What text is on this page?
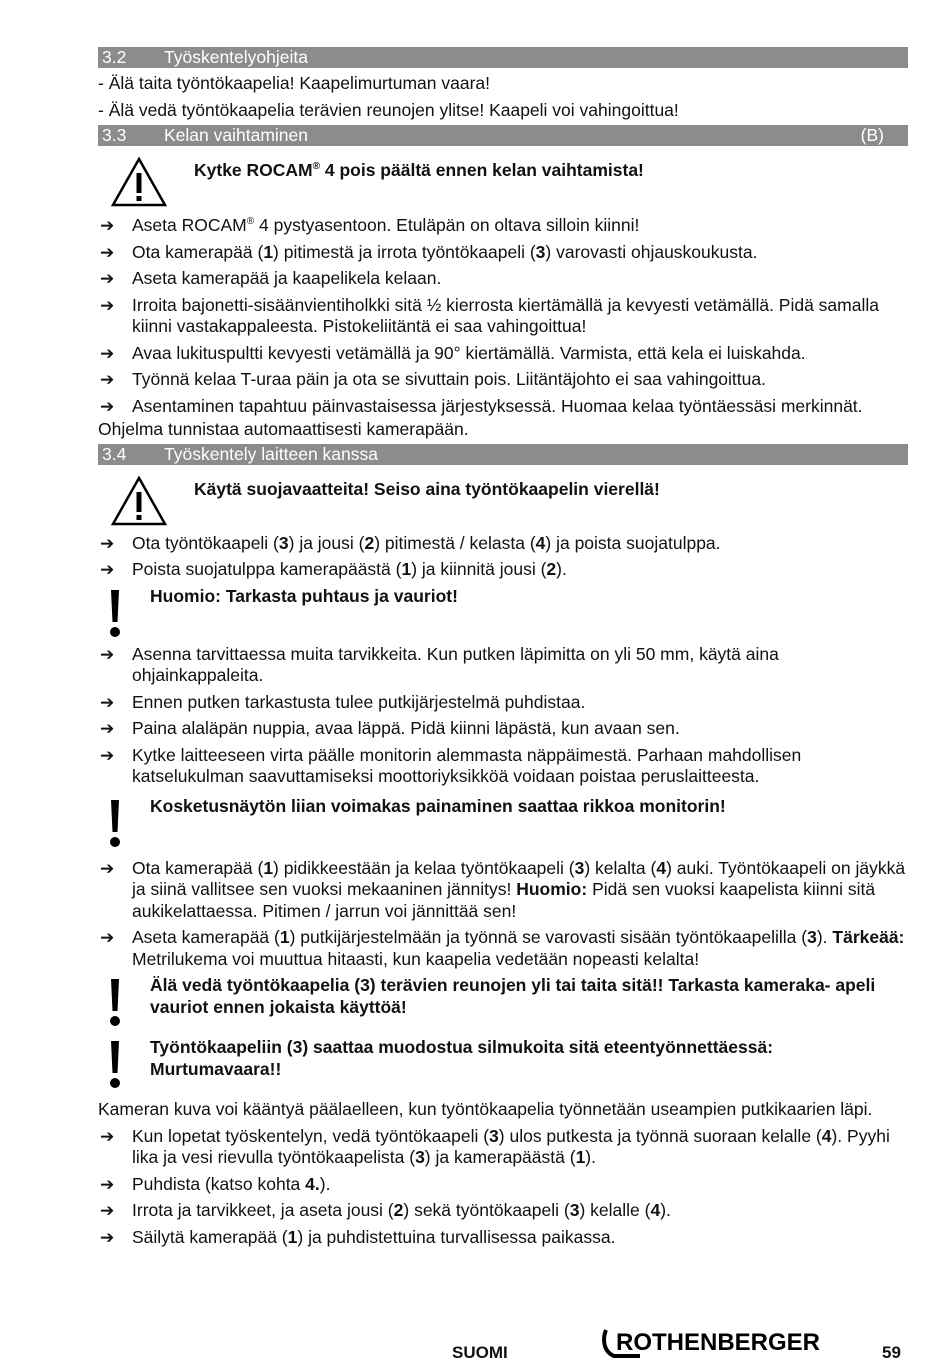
3.2 Työskentelyohjeita

- Älä taita työntökaapelia! Kaapelimurtuman vaara!

- Älä vedä työntökaapelia terävien reunojen ylitse! Kaapeli voi vahingoittua!

3.3 Kelan vaihtaminen	(B)
Kytke ROCAM® 4 pois päältä ennen kelan vaihtamista!
➔ Aseta ROCAM® 4 pystyasentoon. Etuläpän on oltava silloin kiinni!
➔ Ota kamerapää (1) pitimestä ja irrota työntökaapeli (3) varovasti ohjauskoukusta.
➔ Aseta kamerapää ja kaapelikela kelaan.
➔ Irroita bajonetti-sisäänvientiholkki sitä ½ kierrosta kiertämällä ja kevyesti vetämällä. Pidä samalla kiinni vastakappaleesta. Pistokeliitäntä ei saa vahingoittua!
➔ Avaa lukituspultti kevyesti vetämällä ja 90° kiertämällä. Varmista, että kela ei luiskahda.
➔ Työnnä kelaa T-uraa päin ja ota se sivuttain pois. Liitäntäjohto ei saa vahingoittua.
➔ Asentaminen tapahtuu päinvastaisessa järjestyksessä. Huomaa kelaa työntäessäsi merkinnät.

Ohjelma tunnistaa automaattisesti kamerapään.

3.4 Työskentely laitteen kanssa
Käytä suojavaatteita! Seiso aina työntökaapelin vierellä!
➔ Ota työntökaapeli (3) ja jousi (2) pitimestä / kelasta (4) ja poista suojatulppa.
➔ Poista suojatulppa kamerapäästä (1) ja kiinnitä jousi (2).
Huomio: Tarkasta puhtaus ja vauriot!
➔ Asenna tarvittaessa muita tarvikkeita. Kun putken läpimitta on yli 50 mm, käytä aina ohjainkappaleita.
➔ Ennen putken tarkastusta tulee putkijärjestelmä puhdistaa.
➔ Paina alaläpän nuppia, avaa läppä. Pidä kiinni läpästä, kun avaan sen.
➔ Kytke laitteeseen virta päälle monitorin alemmasta näppäimestä. Parhaan mahdollisen katselukulman saavuttamiseksi moottoriyksikköä voidaan poistaa peruslaitteesta.
Kosketusnäytön liian voimakas painaminen saattaa rikkoa monitorin!
➔ Ota kamerapää (1) pidikkeestään ja kelaa työntökaapeli (3) kelalta (4) auki. Työntökaapeli on jäykkä ja siinä vallitsee sen vuoksi mekaaninen jännitys! Huomio: Pidä sen vuoksi kaapelista kiinni sitä aukikelattaessa. Pitimen / jarrun voi jännittää sen!
➔ Aseta kamerapää (1) putkijärjestelmään ja työnnä se varovasti sisään työntökaapelilla (3). Tärkeää: Metrilukema voi muuttua hitaasti, kun kaapelia vedetään nopeasti kelalta!
Älä vedä työntökaapelia (3) terävien reunojen yli tai taita sitä!! Tarkasta kameraka- apeli vauriot ennen jokaista käyttöä!
Työntökaapeliin (3) saattaa muodostua silmukoita sitä eteentyönnettäessä: Murtumavaara!!

Kameran kuva voi kääntyä päälaelleen, kun työntökaapelia työnnetään useampien putkikaarien läpi.

➔ Kun lopetat työskentelyn, vedä työntökaapeli (3) ulos putkesta ja työnnä suoraan kelalle (4). Pyyhi lika ja vesi rievulla työntökaapelista (3) ja kamerapäästä (1).
➔ Puhdista (katso kohta 4.).
➔ Irrota ja tarvikkeet, ja aseta jousi (2) sekä työntökaapeli (3) kelalle (4).
➔ Säilytä kamerapää (1) ja puhdistettuina turvallisessa paikassa.
SUOMI	ROTHENBERGER	59
